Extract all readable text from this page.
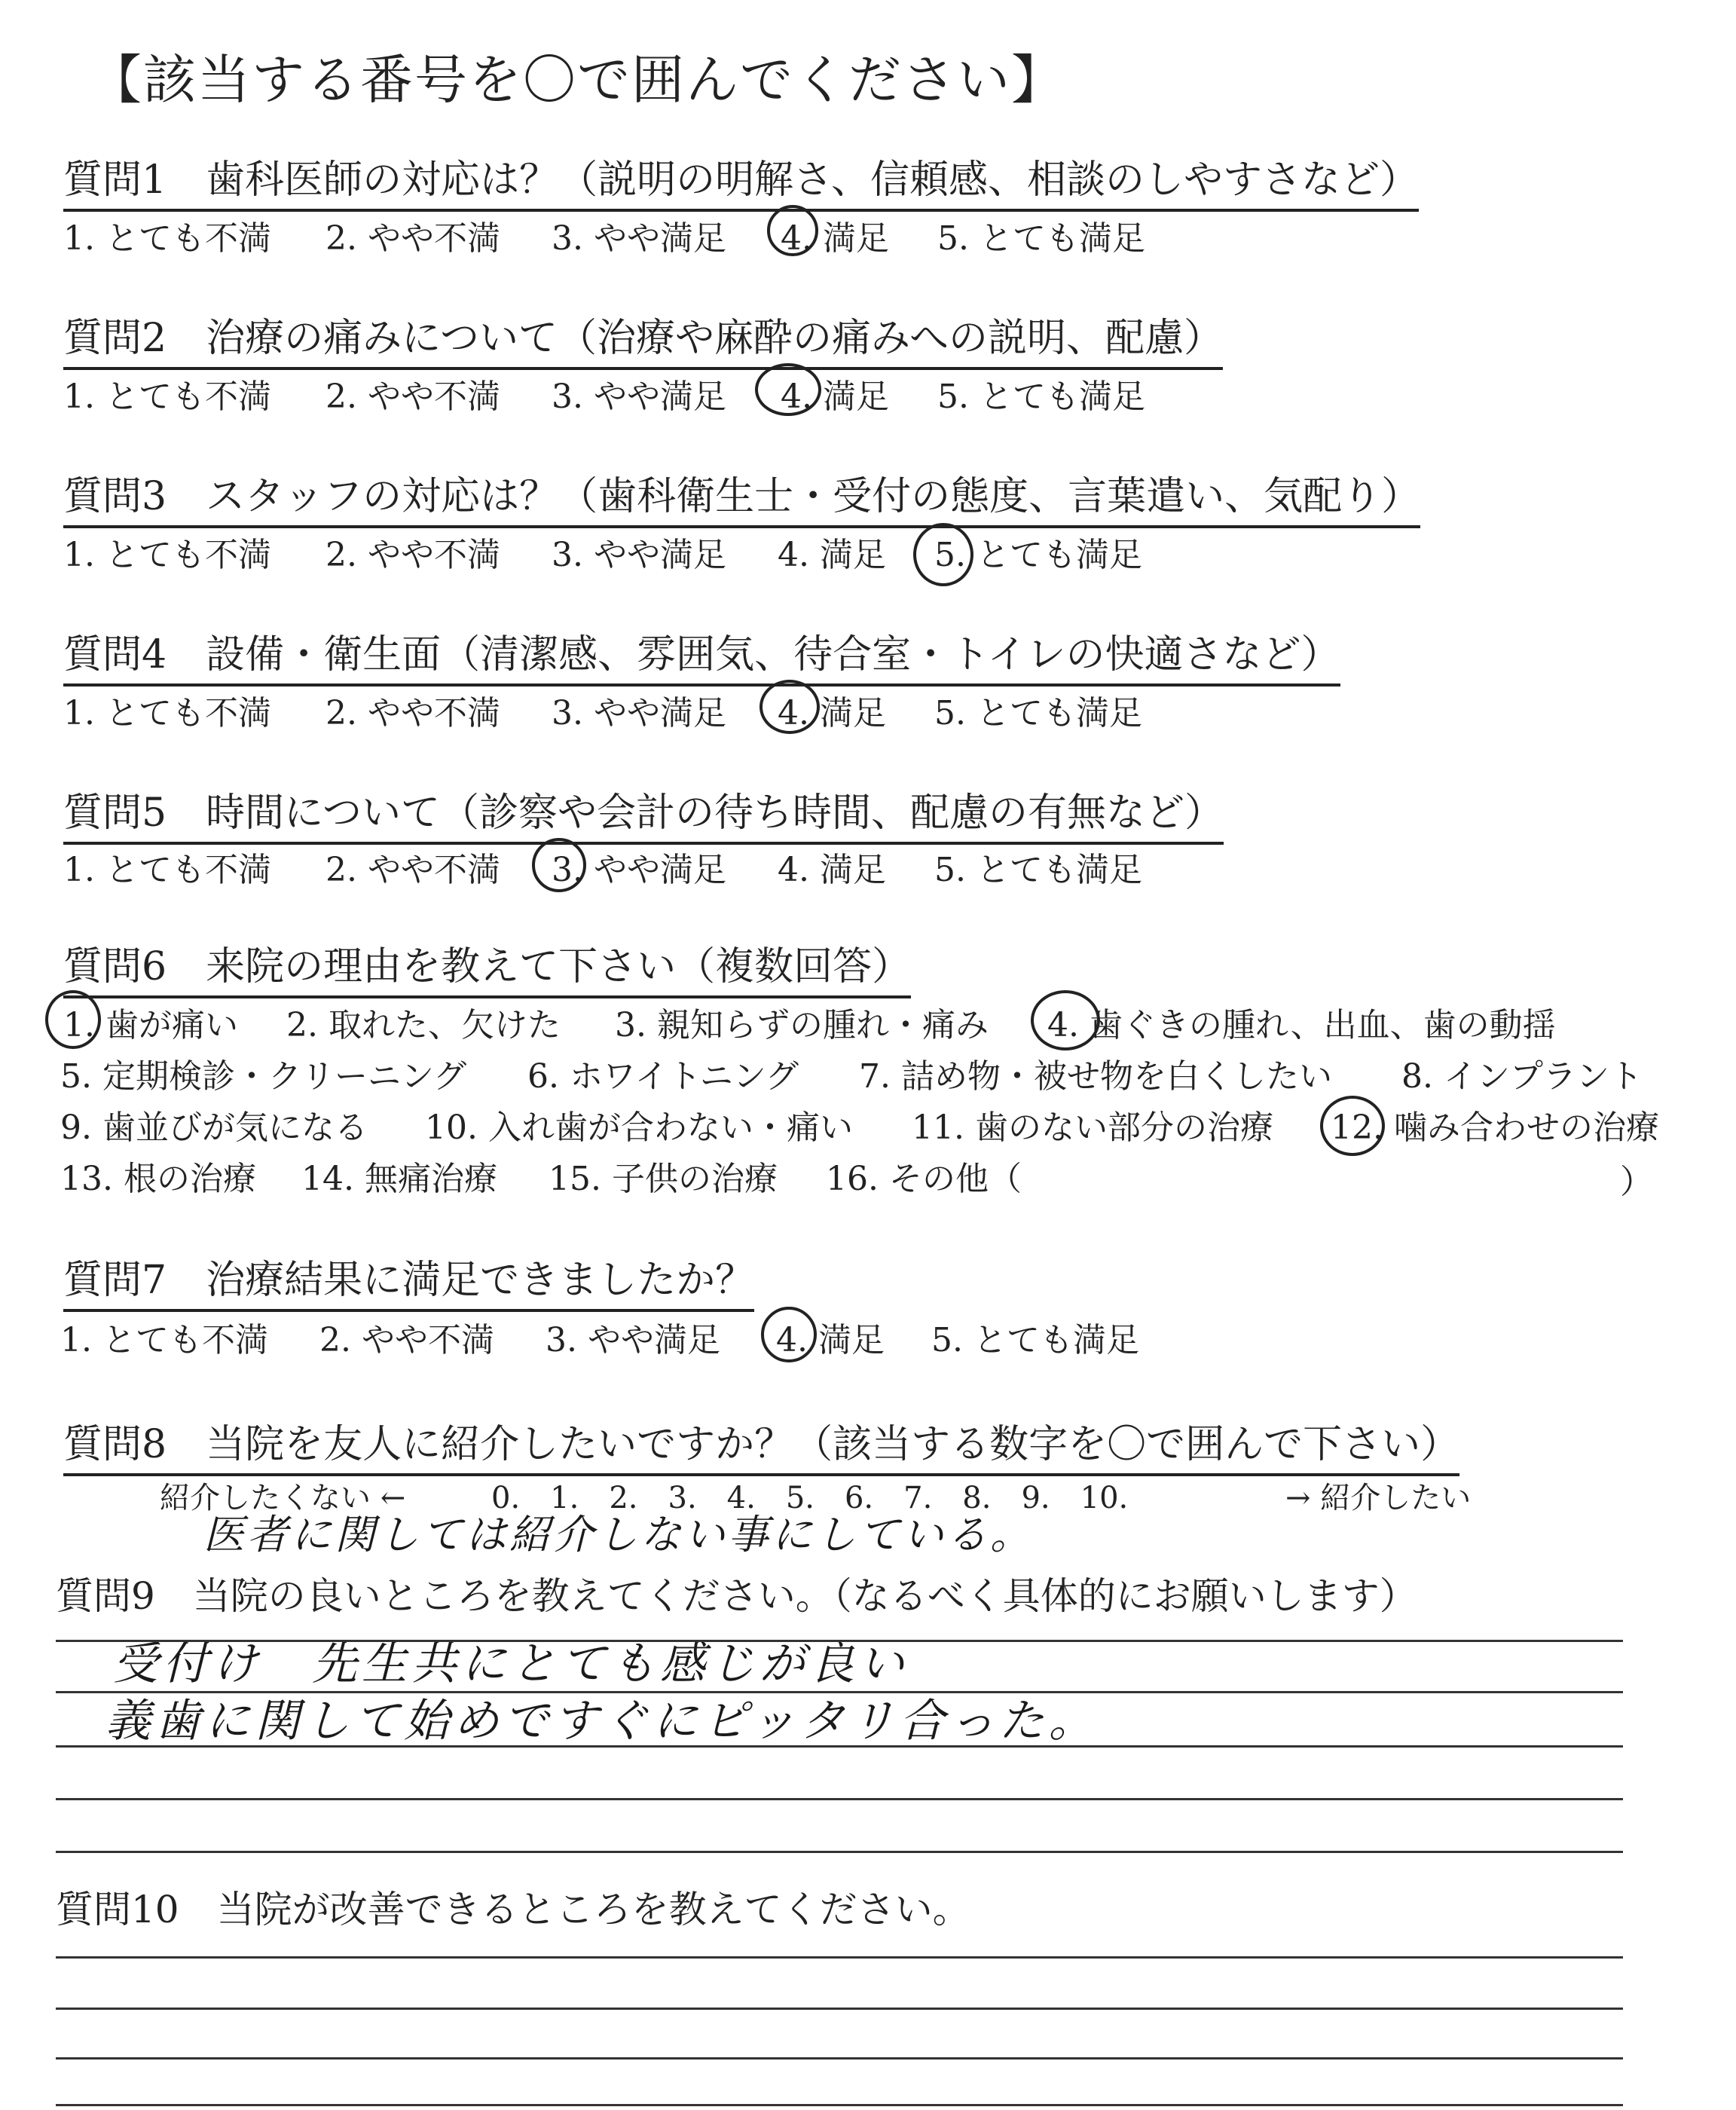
【該当する番号を〇で囲んでください】
質問1　歯科医師の対応は？（説明の明解さ、信頼感、相談のしやすさなど）
1. とても不満 2. やや不満 3. やや満足 4. 満足 5. とても満足
質問2　治療の痛みについて（治療や麻酔の痛みへの説明、配慮）
1. とても不満 2. やや不満 3. やや満足 4. 満足 5. とても満足
質問3　スタッフの対応は？（歯科衛生士・受付の態度、言葉遣い、気配り）
1. とても不満 2. やや不満 3. やや満足 4. 満足 5. とても満足
質問4　設備・衛生面（清潔感、雰囲気、待合室・トイレの快適さなど）
1. とても不満 2. やや不満 3. やや満足 4. 満足 5. とても満足
質問5　時間について（診察や会計の待ち時間、配慮の有無など）
1. とても不満 2. やや不満 3. やや満足 4. 満足 5. とても満足
質問6　来院の理由を教えて下さい（複数回答）
1. 歯が痛い 2. 取れた、欠けた 3. 親知らずの腫れ・痛み 4. 歯ぐきの腫れ、出血、歯の動揺
5. 定期検診・クリーニング 6. ホワイトニング 7. 詰め物・被せ物を白くしたい 8. インプラント
9. 歯並びが気になる 10. 入れ歯が合わない・痛い 11. 歯のない部分の治療 12. 噛み合わせの治療
13. 根の治療 14. 無痛治療 15. 子供の治療 16. その他（	）
質問7　治療結果に満足できましたか？
1. とても不満 2. やや不満 3. やや満足 4. 満足 5. とても満足
質問8　当院を友人に紹介したいですか？（該当する数字を〇で囲んで下さい）
紹介したくない ←	0.　1.　2.　3.　4.　5.　6.　7.　8.　9.　10.	→ 紹介したい
医者に関しては紹介しない事にしている。
質問9　当院の良いところを教えてください。（なるべく具体的にお願いします）
受付け　先生共にとても感じが良い
義歯に関して始めですぐにピッタリ合った。
質問10　当院が改善できるところを教えてください。
